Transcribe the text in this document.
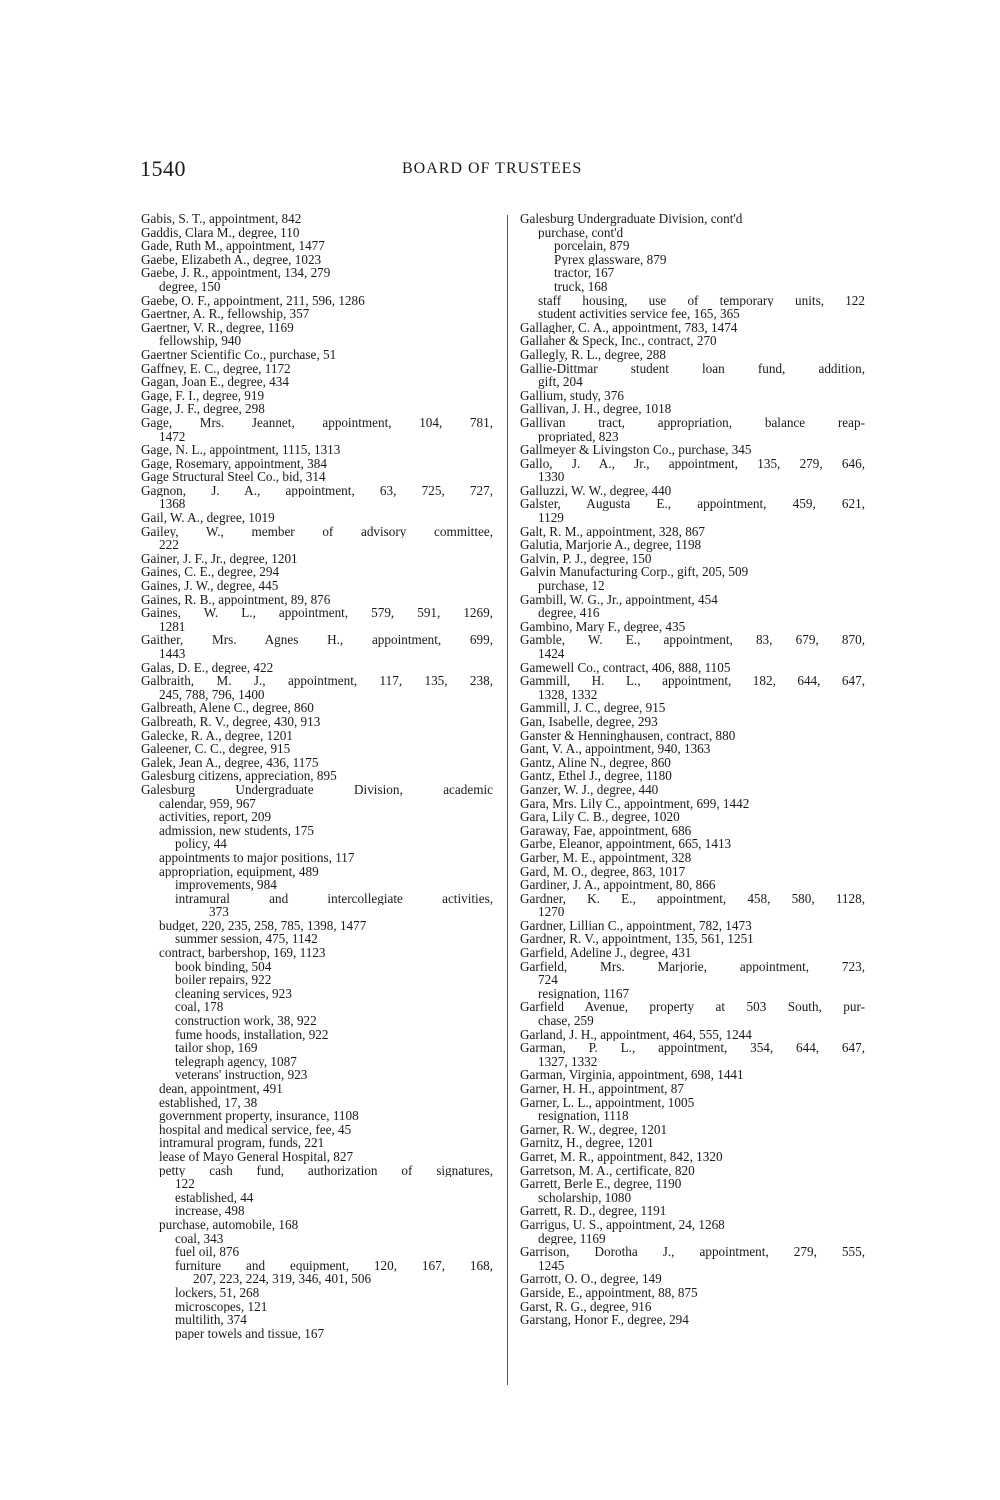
1540	BOARD OF TRUSTEES
Gabis, S. T., appointment, 842
Gaddis, Clara M., degree, 110
Gade, Ruth M., appointment, 1477
Gaebe, Elizabeth A., degree, 1023
Gaebe, J. R., appointment, 134, 279
degree, 150
Gaebe, O. F., appointment, 211, 596, 1286
Gaertner, A. R., fellowship, 357
Gaertner, V. R., degree, 1169
fellowship, 940
Gaertner Scientific Co., purchase, 51
Gaffney, E. C., degree, 1172
Gagan, Joan E., degree, 434
Gage, F. I., degree, 919
Gage, J. F., degree, 298
Gage, Mrs. Jeannet, appointment, 104, 781,
1472
Gage, N. L., appointment, 1115, 1313
Gage, Rosemary, appointment, 384
Gage Structural Steel Co., bid, 314
Gagnon, J. A., appointment, 63, 725, 727,
1368
Gail, W. A., degree, 1019
Gailey, W., member of advisory committee,
222
Gainer, J. F., Jr., degree, 1201
Gaines, C. E., degree, 294
Gaines, J. W., degree, 445
Gaines, R. B., appointment, 89, 876
Gaines, W. L., appointment, 579, 591, 1269,
1281
Gaither, Mrs. Agnes H., appointment, 699,
1443
Galas, D. E., degree, 422
Galbraith, M. J., appointment, 117, 135, 238,
245, 788, 796, 1400
Galbreath, Alene C., degree, 860
Galbreath, R. V., degree, 430, 913
Galecke, R. A., degree, 1201
Galeener, C. C., degree, 915
Galek, Jean A., degree, 436, 1175
Galesburg citizens, appreciation, 895
Galesburg Undergraduate Division, academic
calendar, 959, 967
activities, report, 209
admission, new students, 175
policy, 44
appointments to major positions, 117
appropriation, equipment, 489
improvements, 984
intramural and intercollegiate activities,
373
budget, 220, 235, 258, 785, 1398, 1477
summer session, 475, 1142
contract, barbershop, 169, 1123
book binding, 504
boiler repairs, 922
cleaning services, 923
coal, 178
construction work, 38, 922
fume hoods, installation, 922
tailor shop, 169
telegraph agency, 1087
veterans' instruction, 923
dean, appointment, 491
established, 17, 38
government property, insurance, 1108
hospital and medical service, fee, 45
intramural program, funds, 221
lease of Mayo General Hospital, 827
petty cash fund, authorization of signatures,
122
established, 44
increase, 498
purchase, automobile, 168
coal, 343
fuel oil, 876
furniture and equipment, 120, 167, 168,
207, 223, 224, 319, 346, 401, 506
lockers, 51, 268
microscopes, 121
multilith, 374
paper towels and tissue, 167
Galesburg Undergraduate Division, cont'd
purchase, cont'd
porcelain, 879
Pyrex glassware, 879
tractor, 167
truck, 168
staff housing, use of temporary units, 122
student activities service fee, 165, 365
Gallagher, C. A., appointment, 783, 1474
Gallaher & Speck, Inc., contract, 270
Gallegly, R. L., degree, 288
Gallie-Dittmar student loan fund, addition,
gift, 204
Gallium, study, 376
Gallivan, J. H., degree, 1018
Gallivan tract, appropriation, balance reap-
propriated, 823
Gallmeyer & Livingston Co., purchase, 345
Gallo, J. A., Jr., appointment, 135, 279, 646,
1330
Galluzzi, W. W., degree, 440
Galster, Augusta E., appointment, 459, 621,
1129
Galt, R. M., appointment, 328, 867
Galutia, Marjorie A., degree, 1198
Galvin, P. J., degree, 150
Galvin Manufacturing Corp., gift, 205, 509
purchase, 12
Gambill, W. G., Jr., appointment, 454
degree, 416
Gambino, Mary F., degree, 435
Gamble, W. E., appointment, 83, 679, 870,
1424
Gamewell Co., contract, 406, 888, 1105
Gammill, H. L., appointment, 182, 644, 647,
1328, 1332
Gammill, J. C., degree, 915
Gan, Isabelle, degree, 293
Ganster & Henninghausen, contract, 880
Gant, V. A., appointment, 940, 1363
Gantz, Aline N., degree, 860
Gantz, Ethel J., degree, 1180
Ganzer, W. J., degree, 440
Gara, Mrs. Lily C., appointment, 699, 1442
Gara, Lily C. B., degree, 1020
Garaway, Fae, appointment, 686
Garbe, Eleanor, appointment, 665, 1413
Garber, M. E., appointment, 328
Gard, M. O., degree, 863, 1017
Gardiner, J. A., appointment, 80, 866
Gardner, K. E., appointment, 458, 580, 1128,
1270
Gardner, Lillian C., appointment, 782, 1473
Gardner, R. V., appointment, 135, 561, 1251
Garfield, Adeline J., degree, 431
Garfield, Mrs. Marjorie, appointment, 723,
724
resignation, 1167
Garfield Avenue, property at 503 South, pur-
chase, 259
Garland, J. H., appointment, 464, 555, 1244
Garman, P. L., appointment, 354, 644, 647,
1327, 1332
Garman, Virginia, appointment, 698, 1441
Garner, H. H., appointment, 87
Garner, L. L., appointment, 1005
resignation, 1118
Garner, R. W., degree, 1201
Garnitz, H., degree, 1201
Garret, M. R., appointment, 842, 1320
Garretson, M. A., certificate, 820
Garrett, Berle E., degree, 1190
scholarship, 1080
Garrett, R. D., degree, 1191
Garrigus, U. S., appointment, 24, 1268
degree, 1169
Garrison, Dorotha J., appointment, 279, 555,
1245
Garrott, O. O., degree, 149
Garside, E., appointment, 88, 875
Garst, R. G., degree, 916
Garstang, Honor F., degree, 294
